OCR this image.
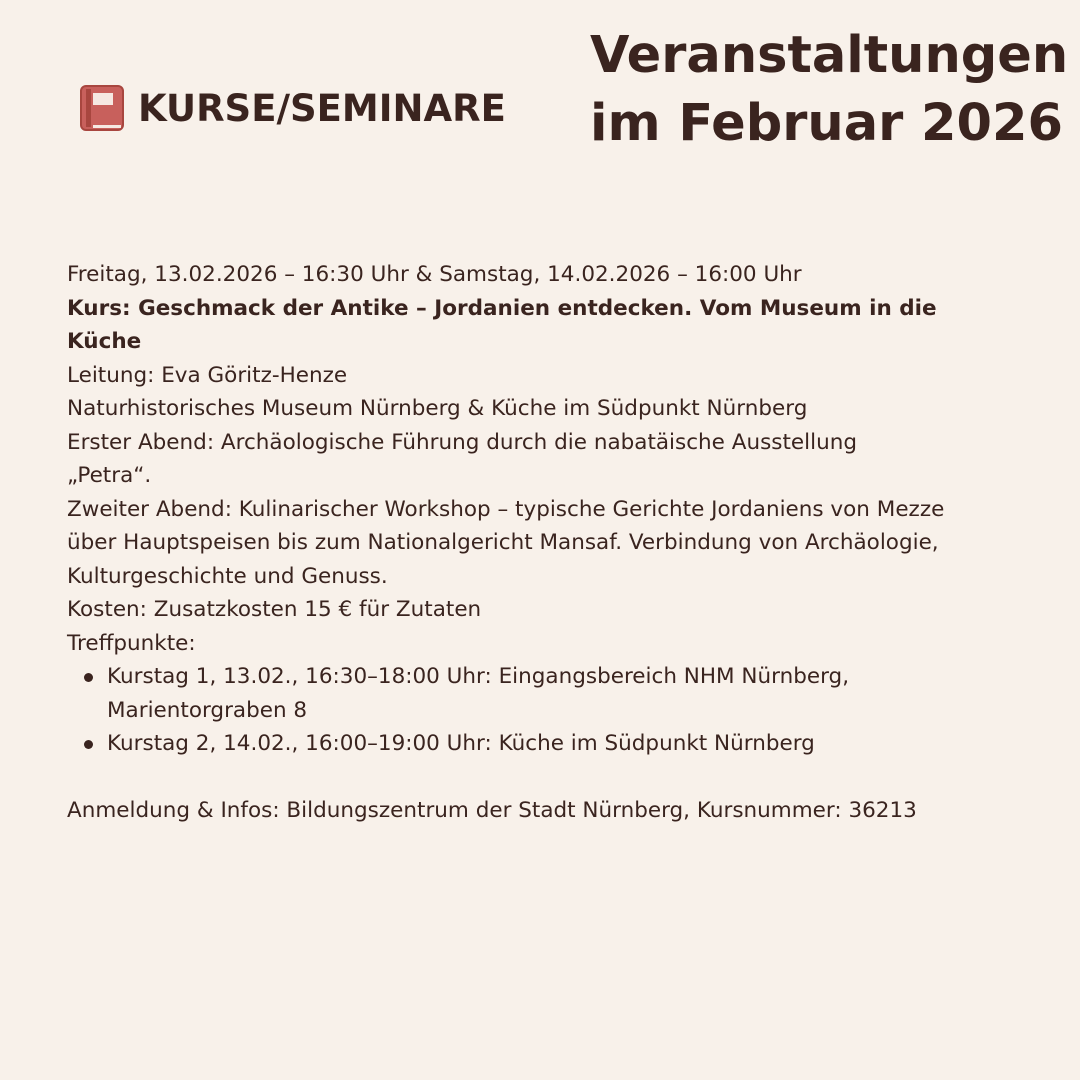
KURSE/SEMINARE
Veranstaltungen
im Februar 2026

Freitag, 13.02.2026 – 16:30 Uhr & Samstag, 14.02.2026 – 16:00 Uhr

Kurs: Geschmack der Antike – Jordanien entdecken. Vom Museum in die Küche

Leitung: Eva Göritz-Henze

Naturhistorisches Museum Nürnberg & Küche im Südpunkt Nürnberg

Erster Abend: Archäologische Führung durch die nabatäische Ausstellung „Petra“.

Zweiter Abend: Kulinarischer Workshop – typische Gerichte Jordaniens von Mezze über Hauptspeisen bis zum Nationalgericht Mansaf. Verbindung von Archäologie, Kulturgeschichte und Genuss.

Kosten: Zusatzkosten 15 € für Zutaten

Treffpunkte:

Kurstag 1, 13.02., 16:30–18:00 Uhr: Eingangsbereich NHM Nürnberg, Marientorgraben 8
Kurstag 2, 14.02., 16:00–19:00 Uhr: Küche im Südpunkt Nürnberg

Anmeldung & Infos: Bildungszentrum der Stadt Nürnberg, Kursnummer: 36213
